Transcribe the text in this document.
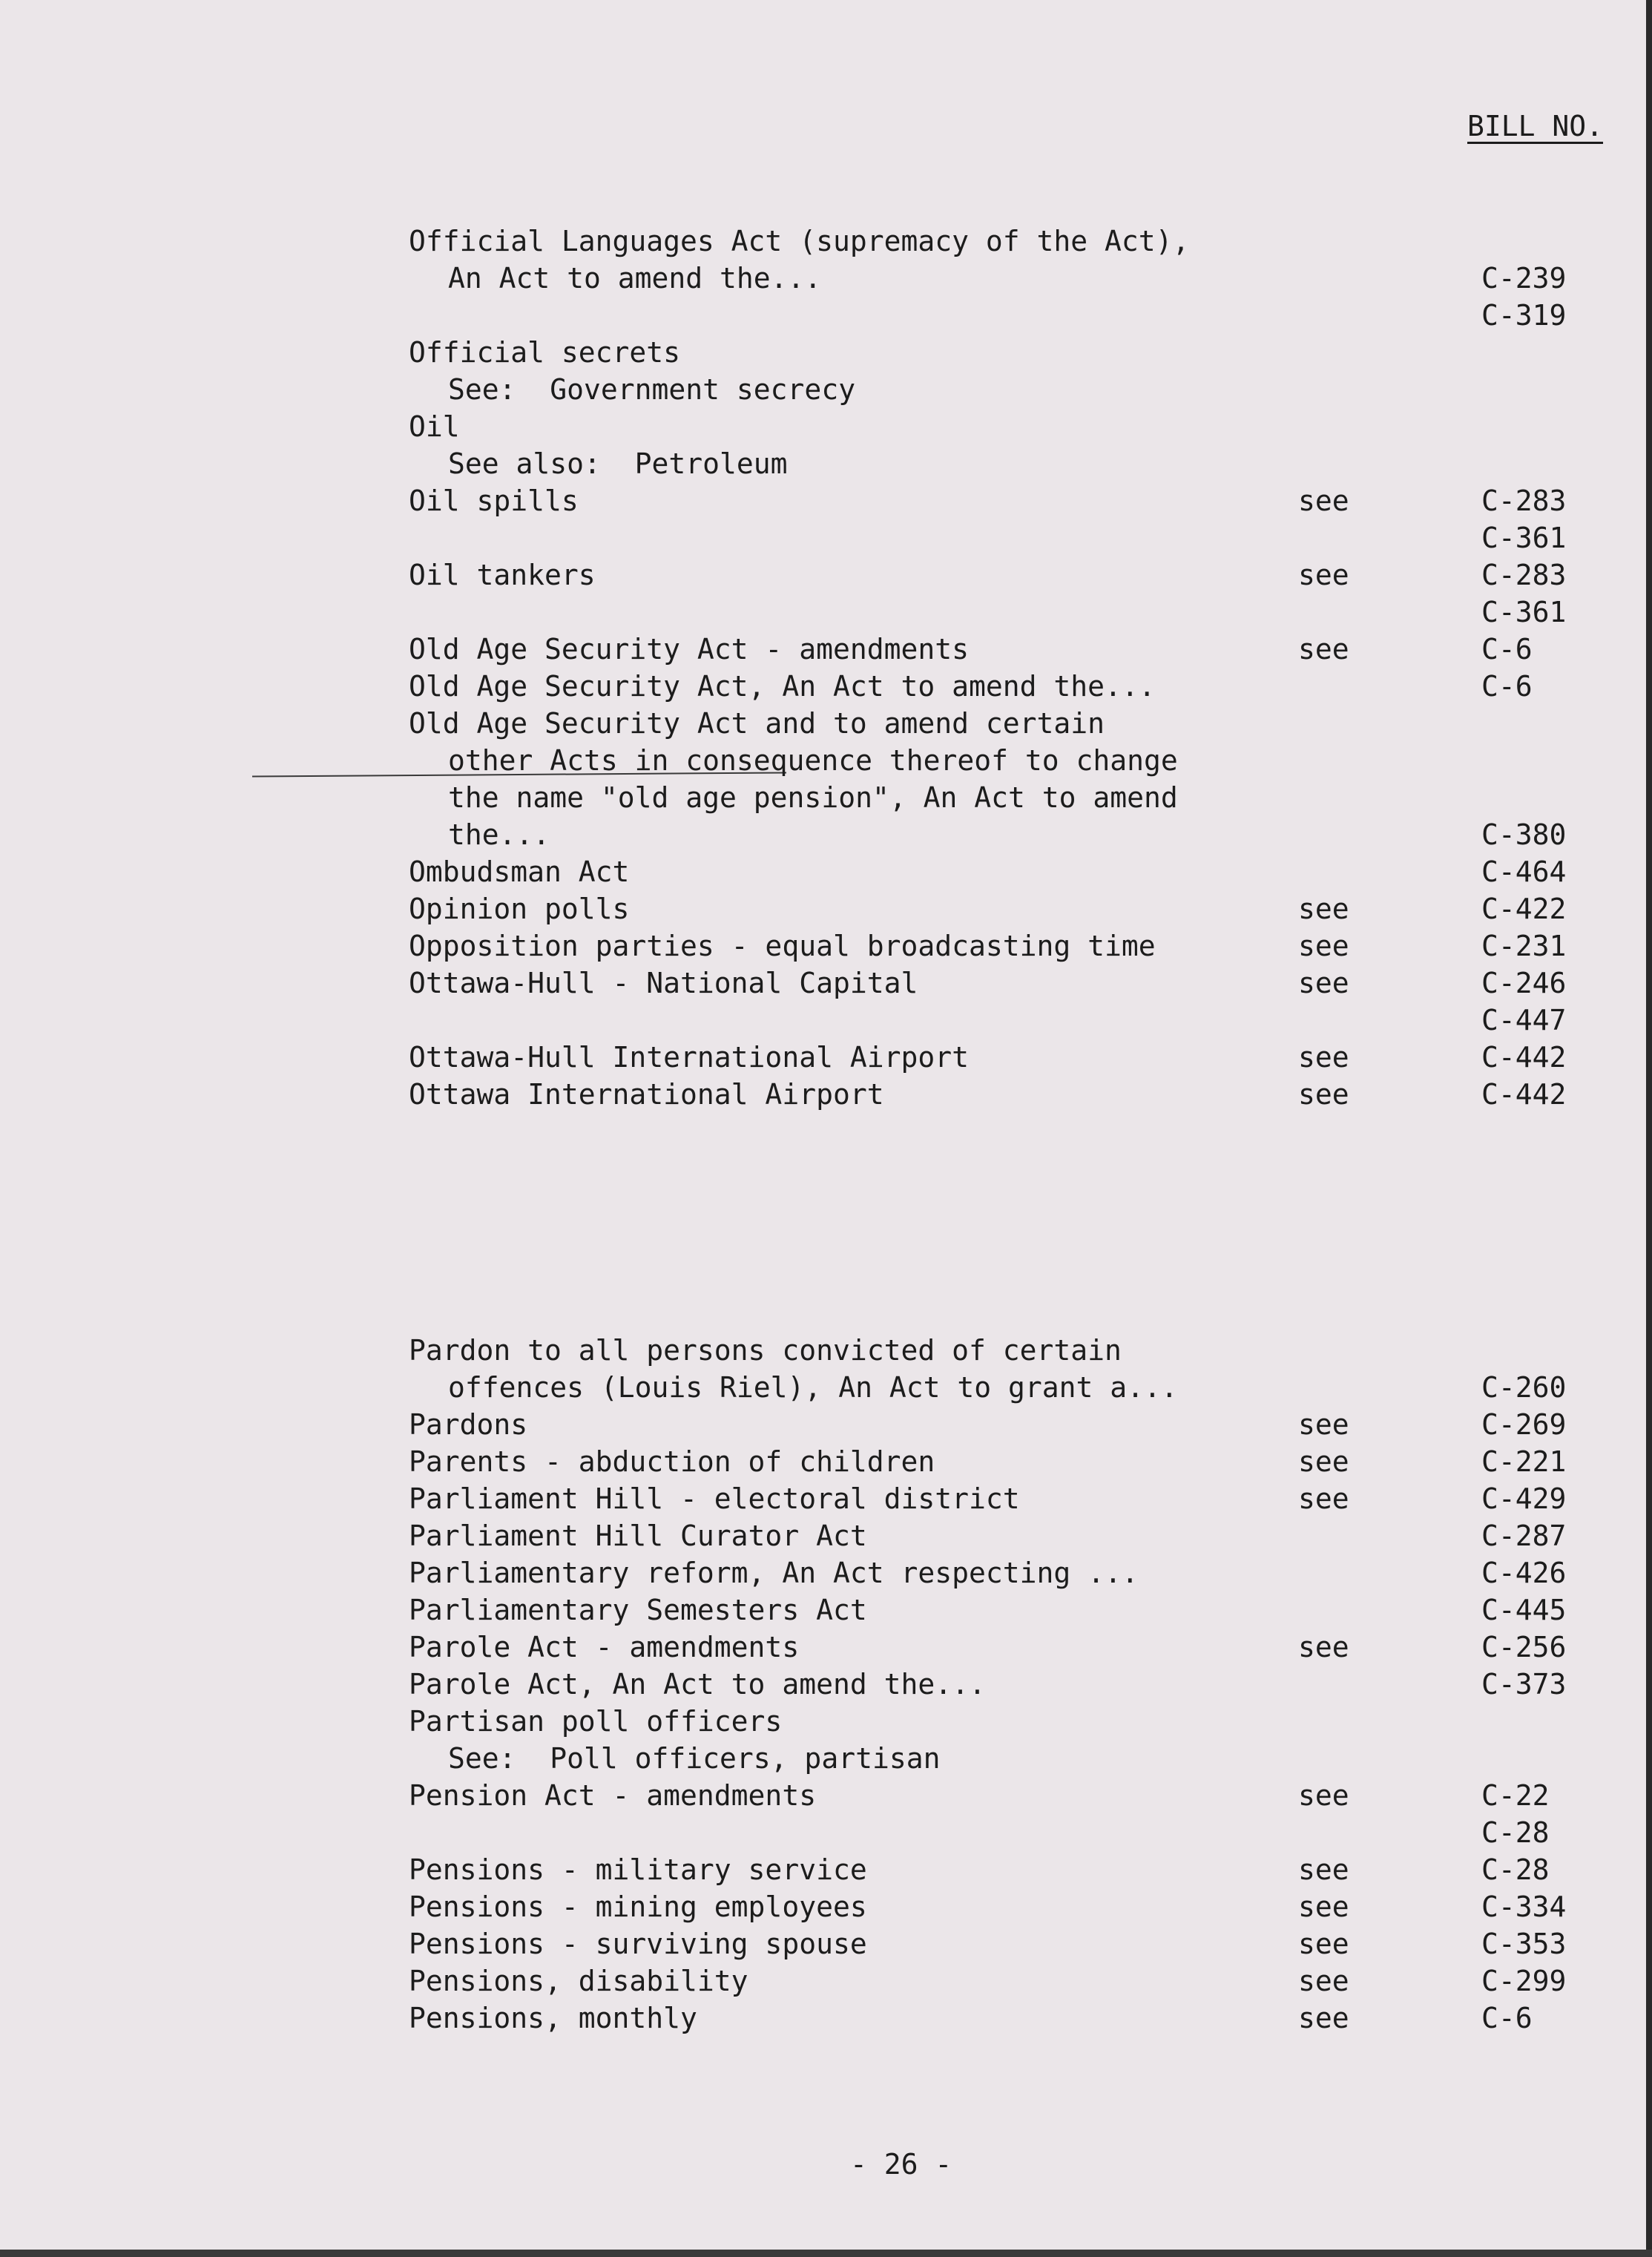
BILL NO.
Official Languages Act (supremacy of the Act),
An Act to amend the...	C-239
C-319
Official secrets
See:  Government secrecy
Oil
See also:  Petroleum
Oil spills	see	C-283
C-361
Oil tankers	see	C-283
C-361
Old Age Security Act - amendments	see	C-6
Old Age Security Act, An Act to amend the...	C-6
Old Age Security Act and to amend certain
other Acts in consequence thereof to change
the name "old age pension", An Act to amend
the...	C-380
Ombudsman Act	C-464
Opinion polls	see	C-422
Opposition parties - equal broadcasting time	see	C-231
Ottawa-Hull - National Capital	see	C-246
C-447
Ottawa-Hull International Airport	see	C-442
Ottawa International Airport	see	C-442
Pardon to all persons convicted of certain
offences (Louis Riel), An Act to grant a...	C-260
Pardons	see	C-269
Parents - abduction of children	see	C-221
Parliament Hill - electoral district	see	C-429
Parliament Hill Curator Act	C-287
Parliamentary reform, An Act respecting ...	C-426
Parliamentary Semesters Act	C-445
Parole Act - amendments	see	C-256
Parole Act, An Act to amend the...	C-373
Partisan poll officers
See:  Poll officers, partisan
Pension Act - amendments	see	C-22
C-28
Pensions - military service	see	C-28
Pensions - mining employees	see	C-334
Pensions - surviving spouse	see	C-353
Pensions, disability	see	C-299
Pensions, monthly	see	C-6
- 26 -
